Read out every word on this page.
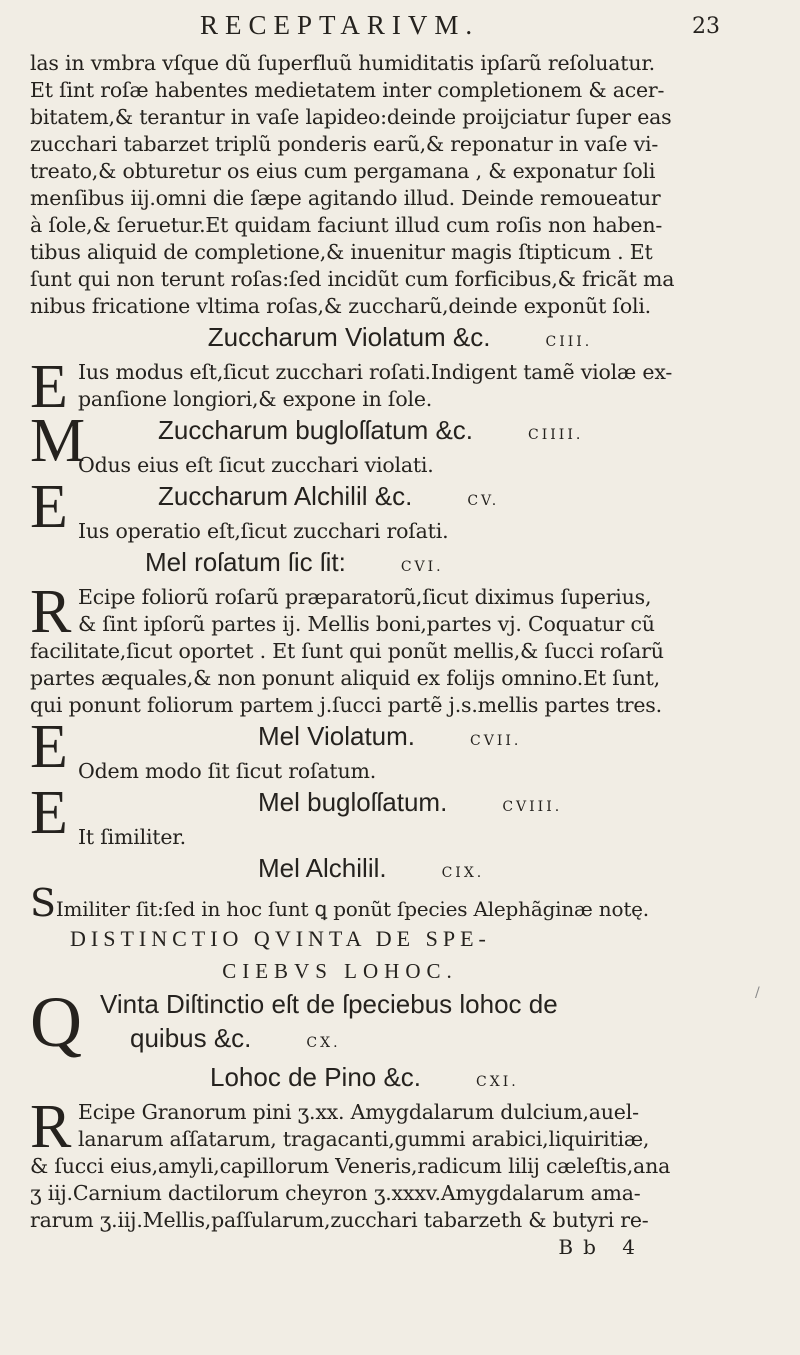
RECEPTARIVM.	23
las in vmbra vſque dũ ſuperfluũ humiditatis ipſarũ reſoluatur.
Et ſint roſæ habentes medietatem inter completionem & acer-
bitatem,& terantur in vaſe lapideo:deinde proijciatur ſuper eas
zucchari tabarzet triplũ ponderis earũ,& reponatur in vaſe vi-
treato,& obturetur os eius cum pergamana , & exponatur ſoli
menſibus iij.omni die ſæpe agitando illud. Deinde remoueatur
à ſole,& ſeruetur.Et quidam faciunt illud cum roſis non haben-
tibus aliquid de completione,& inuenitur magis ſtipticum . Et
ſunt qui non terunt roſas:ſed incidũt cum forficibus,& fricãt ma
nibus fricatione vltima roſas,& zuccharũ,deinde exponũt ſoli.
Zuccharum Violatum &c.	CIII.
E Ius modus eſt,ſicut zucchari roſati.Indigent tamẽ violæ ex-
panſione longiori,& expone in ſole.
M	Zuccharum bugloſſatum &c.	CIIII.
Odus eius eſt ſicut zucchari violati.
E	Zuccharum Alchilil &c.	CV.
Ius operatio eſt,ſicut zucchari roſati.
Mel roſatum ſic ſit:	CVI.
R Ecipe foliorũ roſarũ præparatorũ,ſicut diximus ſuperius,
& ſint ipſorũ partes ij. Mellis boni,partes vj. Coquatur cũ
facilitate,ſicut oportet . Et ſunt qui ponũt mellis,& ſucci roſarũ
partes æquales,& non ponunt aliquid ex folijs omnino.Et ſunt,
qui ponunt foliorum partem j.ſucci partẽ j.s.mellis partes tres.
E	Mel Violatum.	CVII.
Odem modo ſit ſicut roſatum.
E	Mel bugloſſatum.	CVIII.
It ſimiliter.
Mel Alchilil.	CIX.
SImiliter ſit:ſed in hoc ſunt ꝗ ponũt ſpecies Alephãginæ notę.
DISTINCTIO QVINTA DE SPE-
CIEBVS LOHOC.
Q Vinta Diſtinctio eſt de ſpeciebus lohoc de
quibus &c.	CX.
Lohoc de Pino &c.	CXI.
R Ecipe Granorum pini ʒ.xx. Amygdalarum dulcium,auel-
lanarum aſſatarum, tragacanti,gummi arabici,liquiritiæ,
& ſucci eius,amyli,capillorum Veneris,radicum lilij cæleſtis,ana
ʒ iij.Carnium dactilorum cheyron ʒ.xxxv.Amygdalarum ama-
rarum ʒ.iij.Mellis,paſſularum,zucchari tabarzeth & butyri re-
Bb 4
/
